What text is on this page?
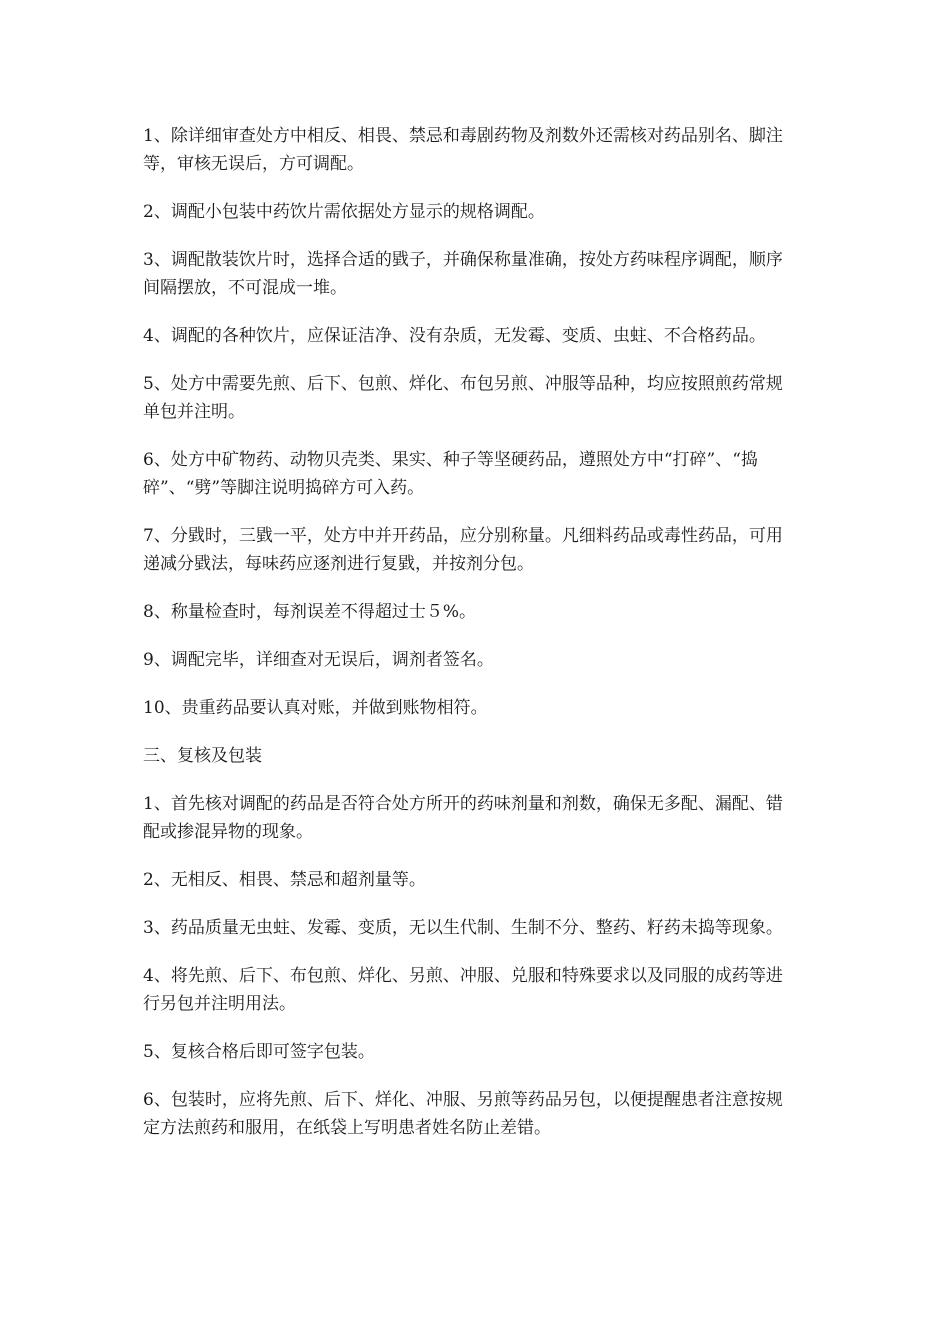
1、除详细审查处方中相反、相畏、禁忌和毒剧药物及剂数外还需核对药品别名、脚注等，审核无误后，方可调配。

2、调配小包装中药饮片需依据处方显示的规格调配。

3、调配散装饮片时，选择合适的戥子，并确保称量准确，按处方药味程序调配，顺序间隔摆放，不可混成一堆。

4、调配的各种饮片，应保证洁净、没有杂质，无发霉、变质、虫蛀、不合格药品。

5、处方中需要先煎、后下、包煎、烊化、布包另煎、冲服等品种，均应按照煎药常规单包并注明。

6、处方中矿物药、动物贝壳类、果实、种子等坚硬药品，遵照处方中“打碎”、“捣碎”、“劈”等脚注说明捣碎方可入药。

7、分戥时，三戥一平，处方中并开药品，应分别称量。凡细料药品或毒性药品，可用递减分戥法，每味药应逐剂进行复戥，并按剂分包。

8、称量检查时，每剂误差不得超过士５%。

9、调配完毕，详细查对无误后，调剂者签名。

10、贵重药品要认真对账，并做到账物相符。

三、复核及包装

1、首先核对调配的药品是否符合处方所开的药味剂量和剂数，确保无多配、漏配、错配或掺混异物的现象。

2、无相反、相畏、禁忌和超剂量等。

3、药品质量无虫蛀、发霉、变质，无以生代制、生制不分、整药、籽药未捣等现象。

4、将先煎、后下、布包煎、烊化、另煎、冲服、兑服和特殊要求以及同服的成药等进行另包并注明用法。

5、复核合格后即可签字包装。

6、包装时，应将先煎、后下、烊化、冲服、另煎等药品另包，以便提醒患者注意按规定方法煎药和服用，在纸袋上写明患者姓名防止差错。
